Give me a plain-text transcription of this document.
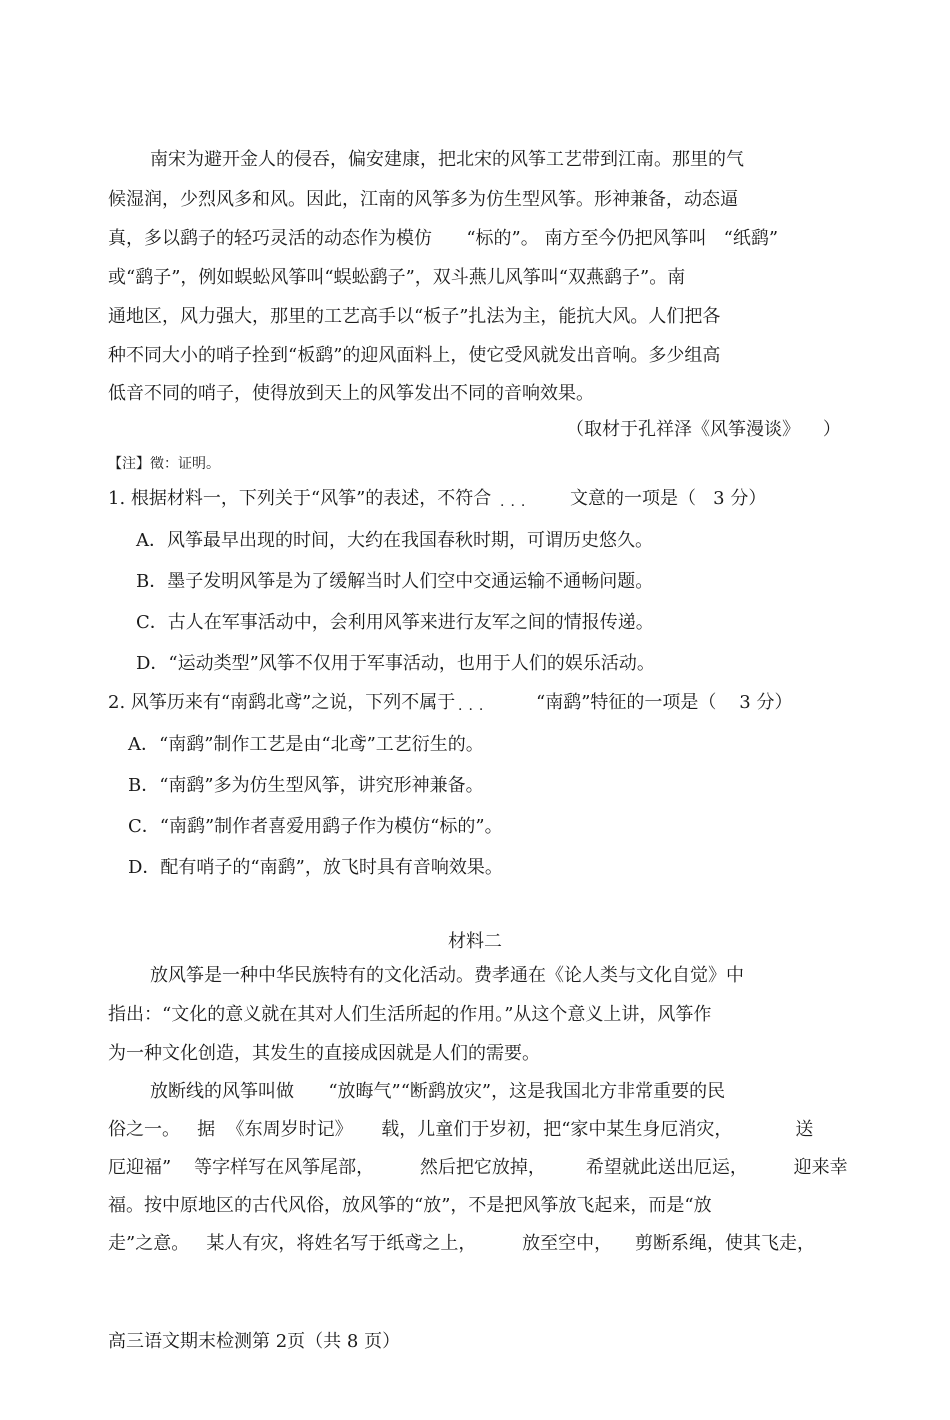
南宋为避开金人的侵吞，偏安建康，把北宋的风筝工艺带到江南。那里的气
候湿润，少烈风多和风。因此，江南的风筝多为仿生型风筝。形神兼备，动态逼
真，多以鹞子的轻巧灵活的动态作为模仿      “标的”。 南方至今仍把风筝叫   “纸鹞”
或“鹞子”，例如蜈蚣风筝叫“蜈蚣鹞子”，双斗燕儿风筝叫“双燕鹞子”。南
通地区，风力强大，那里的工艺高手以“板子”扎法为主，能抗大风。人们把各
种不同大小的哨子拴到“板鹞”的迎风面料上，使它受风就发出音响。多少组高
低音不同的哨子，使得放到天上的风筝发出不同的音响效果。
（取材于孔祥泽《风筝漫谈》    ）
【注】徵：证明。
1. 根据材料一，下列关于“风筝”的表述，不符合 ··· 文意的一项是（   3 分）
A．风筝最早出现的时间，大约在我国春秋时期，可谓历史悠久。
B．墨子发明风筝是为了缓解当时人们空中交通运输不通畅问题。
C．古人在军事活动中，会利用风筝来进行友军之间的情报传递。
D．“运动类型”风筝不仅用于军事活动，也用于人们的娱乐活动。
2. 风筝历来有“南鹞北鸢”之说，下列不属于 ···	“南鹞”特征的一项是（    3 分）
A．“南鹞”制作工艺是由“北鸢”工艺衍生的。
B．“南鹞”多为仿生型风筝，讲究形神兼备。
C．“南鹞”制作者喜爱用鹞子作为模仿“标的”。
D．配有哨子的“南鹞”，放飞时具有音响效果。
材料二
放风筝是一种中华民族特有的文化活动。费孝通在《论人类与文化自觉》中
指出：“文化的意义就在其对人们生活所起的作用。”从这个意义上讲，风筝作
为一种文化创造，其发生的直接成因就是人们的需要。
放断线的风筝叫做      “放晦气”“断鹞放灾”，这是我国北方非常重要的民
俗之一。   据  《东周岁时记》     载，儿童们于岁初，把“家中某生身厄消灾，           送
厄迎福”    等字样写在风筝尾部，        然后把它放掉，       希望就此送出厄运，        迎来幸
福。按中原地区的古代风俗，放风筝的“放”，不是把风筝放飞起来，而是“放
走”之意。   某人有灾，将姓名写于纸鸢之上，        放至空中，    剪断系绳，使其飞走，
高三语文期末检测第 2页（共 8 页）
